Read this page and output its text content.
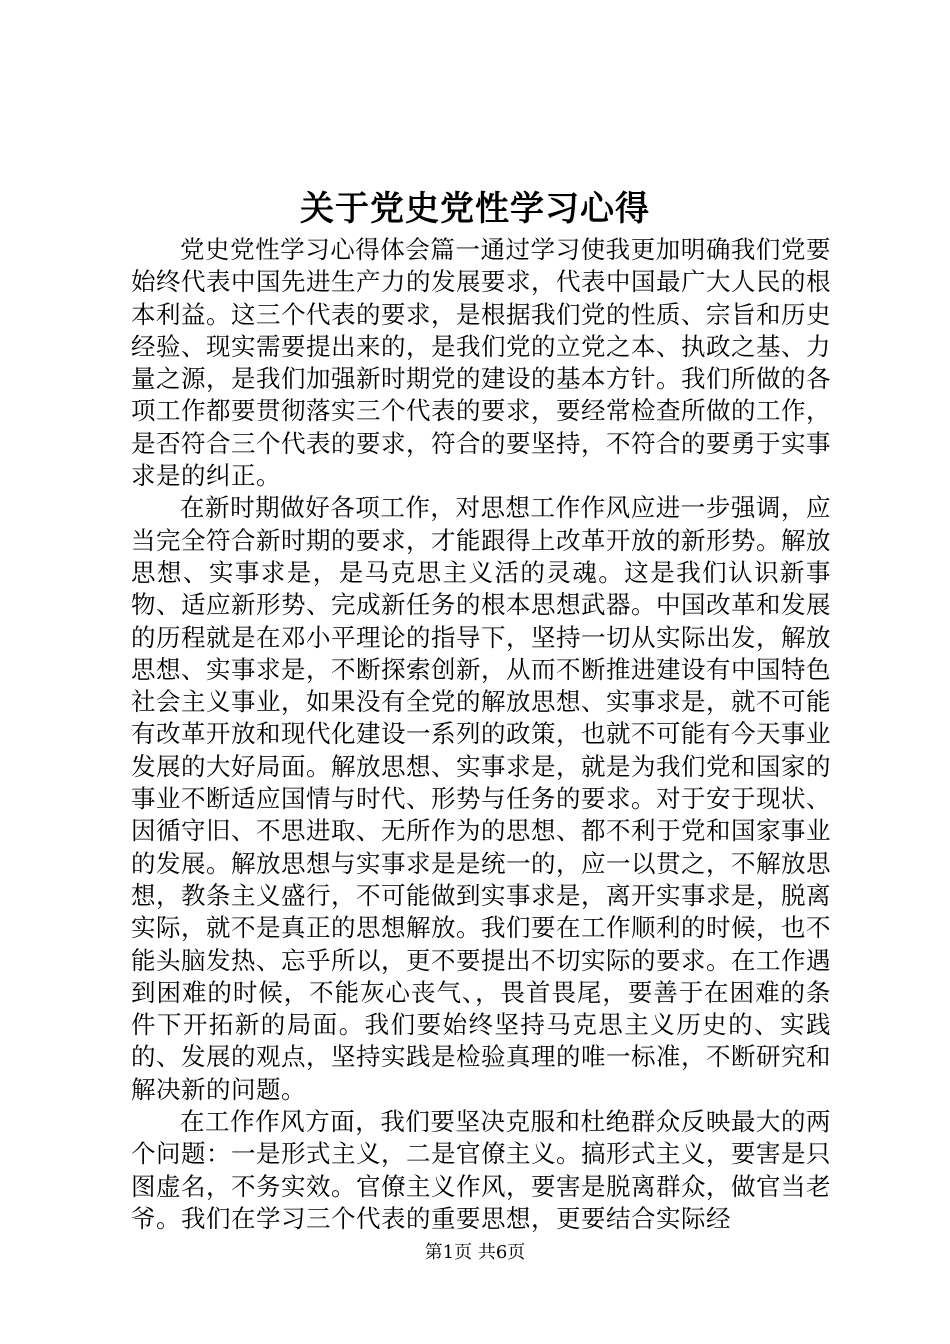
关于党史党性学习心得

党史党性学习心得体会篇一通过学习使我更加明确我们党要始终代表中国先进生产力的发展要求，代表中国最广大人民的根本利益。这三个代表的要求，是根据我们党的性质、宗旨和历史经验、现实需要提出来的，是我们党的立党之本、执政之基、力量之源，是我们加强新时期党的建设的基本方针。我们所做的各项工作都要贯彻落实三个代表的要求，要经常检查所做的工作，是否符合三个代表的要求，符合的要坚持，不符合的要勇于实事求是的纠正。

在新时期做好各项工作，对思想工作作风应进一步强调，应当完全符合新时期的要求，才能跟得上改革开放的新形势。解放思想、实事求是，是马克思主义活的灵魂。这是我们认识新事物、适应新形势、完成新任务的根本思想武器。中国改革和发展的历程就是在邓小平理论的指导下，坚持一切从实际出发，解放思想、实事求是，不断探索创新，从而不断推进建设有中国特色社会主义事业，如果没有全党的解放思想、实事求是，就不可能有改革开放和现代化建设一系列的政策，也就不可能有今天事业发展的大好局面。解放思想、实事求是，就是为我们党和国家的事业不断适应国情与时代、形势与任务的要求。对于安于现状、因循守旧、不思进取、无所作为的思想、都不利于党和国家事业的发展。解放思想与实事求是是统一的，应一以贯之，不解放思想，教条主义盛行，不可能做到实事求是，离开实事求是，脱离实际，就不是真正的思想解放。我们要在工作顺利的时候，也不能头脑发热、忘乎所以，更不要提出不切实际的要求。在工作遇到困难的时候，不能灰心丧气、，畏首畏尾，要善于在困难的条件下开拓新的局面。我们要始终坚持马克思主义历史的、实践的、发展的观点，坚持实践是检验真理的唯一标准，不断研究和解决新的问题。

在工作作风方面，我们要坚决克服和杜绝群众反映最大的两个问题：一是形式主义，二是官僚主义。搞形式主义，要害是只图虚名，不务实效。官僚主义作风，要害是脱离群众，做官当老爷。我们在学习三个代表的重要思想，更要结合实际经

第1页 共6页
